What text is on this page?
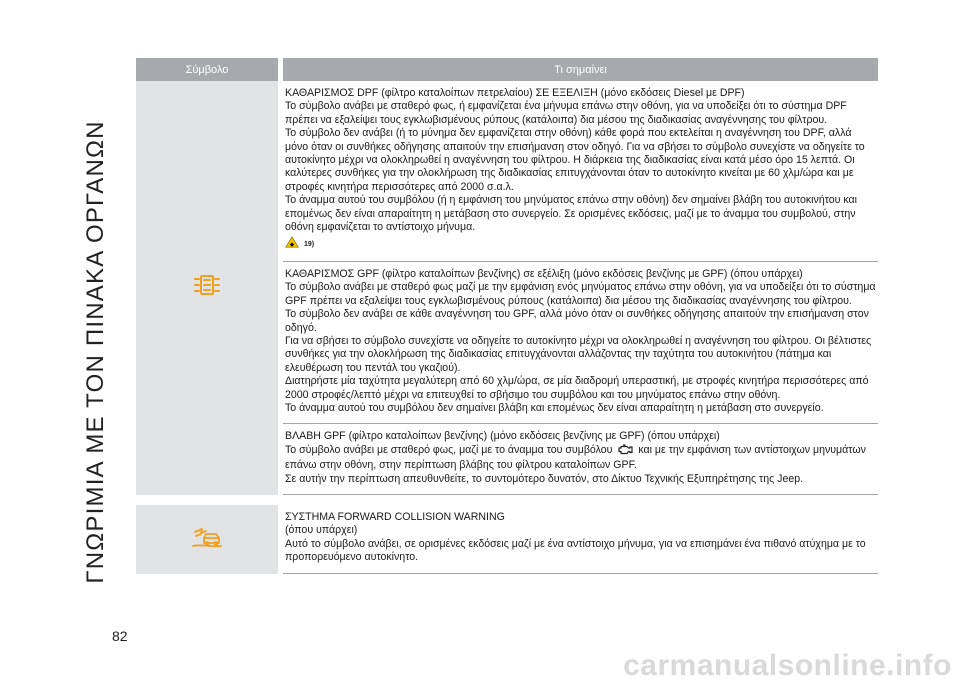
ΓΝΩΡΙΜΙΑ ΜΕ ΤΟΝ ΠΙΝΑΚΑ ΟΡΓΑΝΩΝ
Σύμβολο	Τι σημαίνει

ΚΑΘΑΡΙΣΜΟΣ DPF (φίλτρο καταλοίπων πετρελαίου) ΣΕ ΕΞΕΛΙΞΗ (μόνο εκδόσεις Diesel με DPF)

Το σύμβολο ανάβει με σταθερό φως, ή εμφανίζεται ένα μήνυμα επάνω στην οθόνη, για να υποδείξει ότι το σύστημα DPF πρέπει να εξαλείψει τους εγκλωβισμένους ρύπους (κατάλοιπα) δια μέσου της διαδικασίας αναγέννησης του φίλτρου.

Το σύμβολο δεν ανάβει (ή το μύνημα δεν εμφανίζεται στην οθόνη) κάθε φορά που εκτελείται η αναγέννηση του DPF, αλλά μόνο όταν οι συνθήκες οδήγησης απαιτούν την επισήμανση στον οδηγό. Για να σβήσει το σύμβολο συνεχίστε να οδηγείτε το αυτοκίνητο μέχρι να ολοκληρωθεί η αναγέννηση του φίλτρου. Η διάρκεια της διαδικασίας είναι κατά μέσο όρο 15 λεπτά. Οι καλύτερες συνθήκες για την ολοκλήρωση της διαδικασίας επιτυγχάνονται όταν το αυτοκίνητο κινείται με 60 χλμ/ώρα και με στροφές κινητήρα περισσότερες από 2000 σ.α.λ.

Το άναμμα αυτού του συμβόλου (ή η εμφάνιση του μηνύματος επάνω στην οθόνη) δεν σημαίνει βλάβη του αυτοκινήτου και επομένως δεν είναι απαραίτητη η μετάβαση στο συνεργείο. Σε ορισμένες εκδόσεις, μαζί με το άναμμα του συμβολού, στην οθόνη εμφανίζεται το αντίστοιχο μήνυμα.

◆ 19)

ΚΑΘΑΡΙΣΜΟΣ GPF (φίλτρο καταλοίπων βενζίνης) σε εξέλιξη (μόνο εκδόσεις βενζίνης με GPF) (όπου υπάρχει)

Το σύμβολο ανάβει με σταθερό φως μαζί με την εμφάνιση ενός μηνύματος επάνω στην οθόνη, για να υποδείξει ότι το σύστημα GPF πρέπει να εξαλείψει τους εγκλωβισμένους ρύπους (κατάλοιπα) δια μέσου της διαδικασίας αναγέννησης του φίλτρου.

Το σύμβολο δεν ανάβει σε κάθε αναγέννηση του GPF, αλλά μόνο όταν οι συνθήκες οδήγησης απαιτούν την επισήμανση στον οδηγό.

Για να σβήσει το σύμβολο συνεχίστε να οδηγείτε το αυτοκίνητο μέχρι να ολοκληρωθεί η αναγέννηση του φίλτρου. Οι βέλτιστες συνθήκες για την ολοκλήρωση της διαδικασίας επιτυγχάνονται αλλάζοντας την ταχύτητα του αυτοκινήτου (πάτημα και ελευθέρωση του πεντάλ του γκαζιού).

Διατηρήστε μία ταχύτητα μεγαλύτερη από 60 χλμ/ώρα, σε μία διαδρομή υπεραστική, με στροφές κινητήρα περισσότερες από 2000 στροφές/λεπτό μέχρι να επιτευχθεί το σβήσιμο του συμβόλου και του μηνύματος επάνω στην οθόνη.

Το άναμμα αυτού του συμβόλου δεν σημαίνει βλάβη και επομένως δεν είναι απαραίτητη η μετάβαση στο συνεργείο.

ΒΛΑΒΗ GPF (φίλτρο καταλοίπων βενζίνης) (μόνο εκδόσεις βενζίνης με GPF) (όπου υπάρχει)

Το σύμβολο ανάβει με σταθερό φως, μαζί με το άναμμα του συμβόλου και με την εμφάνιση των αντίστοιχων μηνυμάτων επάνω στην οθόνη, στην περίπτωση βλάβης του φίλτρου καταλοίπων GPF.

Σε αυτήν την περίπτωση απευθυνθείτε, το συντομότερο δυνατόν, στο Δίκτυο Τεχνικής Εξυπηρέτησης της Jeep.

ΣΥΣΤΗΜΑ FORWARD COLLISION WARNING

(όπου υπάρχει)

Αυτό το σύμβολο ανάβει, σε ορισμένες εκδόσεις μαζί με ένα αντίστοιχο μήνυμα, για να επισημάνει ένα πιθανό ατύχημα με το προπορευόμενο αυτοκίνητο.

82
carmanualsonline.info
